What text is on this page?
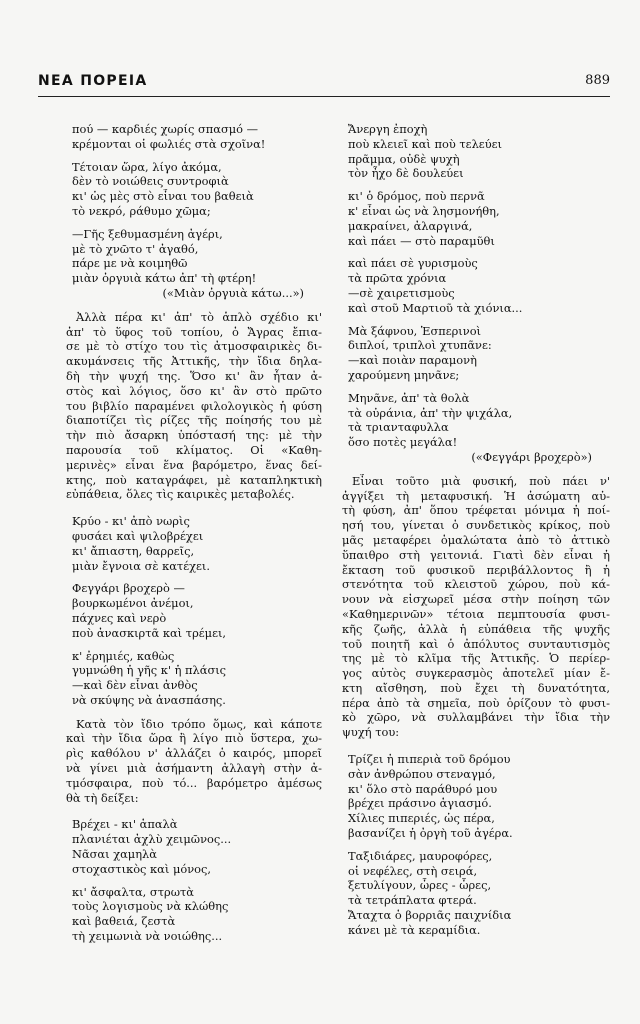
ΝΕΑ ΠΟΡΕΙΑ	889
πού — καρδιές χωρίς σπασμό —
κρέμονται οἱ φωλιές στὰ σχοῖνα!
Τέτοιαν ὥρα, λίγο ἀκόμα,
δὲν τὸ νοιώθεις συντροφιὰ
κι' ὡς μὲς στὸ εἶναι του βαθειὰ
τὸ νεκρό, ράθυμο χῶμα;
—Γῆς ξεθυμασμένη ἀγέρι,
μὲ τὸ χνῶτο τ' ἀγαθό,
πάρε με νὰ κοιμηθῶ
μιὰν ὀργυιὰ κάτω ἀπ' τὴ φτέρη!
(«Μιὰν ὀργυιὰ κάτω...»)
Ἀλλὰ πέρα κι' ἀπ' τὸ ἁπλὸ σχέδιο κι'
ἀπ' τὸ ὕφος τοῦ τοπίου, ὁ Ἄγρας ἔπια-
σε μὲ τὸ στίχο του τὶς ἀτμοσφαιρικὲς δι-
ακυμάνσεις τῆς Ἀττικῆς, τὴν ἴδια δηλα-
δὴ τὴν ψυχή της. Ὅσο κι' ἂν ἦταν ἀ-
στὸς καὶ λόγιος, ὅσο κι' ἂν στὸ πρῶτο
του βιβλίο παραμένει φιλολογικὸς ἡ φύση
διαποτίζει τὶς ρίζες τῆς ποίησής του μὲ
τὴν πιὸ ἄσαρκη ὑπόστασή της: μὲ τὴν
παρουσία τοῦ κλίματος. Οἱ «Καθη-
μερινὲς» εἶναι ἕνα βαρόμετρο, ἕνας δεί-
κτης, ποὺ καταγράφει, μὲ καταπληκτικὴ
εὐπάθεια, ὅλες τὶς καιρικὲς μεταβολές.
Κρύο - κι' ἀπὸ νωρὶς
φυσάει καὶ ψιλοβρέχει
κι' ἄπιαστη, θαρρεῖς,
μιὰν ἔγνοια σὲ κατέχει.
Φεγγάρι βροχερὸ —
βουρκωμένοι ἀνέμοι,
πάχνες καὶ νερὸ
ποὺ ἀνασκιρτᾶ καὶ τρέμει,
κ' ἐρημιές, καθὼς
γυμνώθη ἡ γῆς κ' ἡ πλάσις
—καὶ δὲν εἶναι ἀνθὸς
νὰ σκύψης νὰ ἀνασπάσης.
Κατὰ τὸν ἴδιο τρόπο ὅμως, καὶ κάποτε
καὶ τὴν ἴδια ὥρα ἢ λίγο πιὸ ὕστερα, χω-
ρὶς καθόλου ν' ἀλλάζει ὁ καιρός, μπορεῖ
νὰ γίνει μιὰ ἀσήμαντη ἀλλαγὴ στὴν ἀ-
τμόσφαιρα, ποὺ τό... βαρόμετρο ἀμέσως
θὰ τὴ δείξει:
Βρέχει - κι' ἁπαλὰ
πλανιέται ἀχλὺ χειμῶνος...
Νᾶσαι χαμηλὰ
στοχαστικὸς καὶ μόνος,
κι' ἄσφαλτα, στρωτὰ
τοὺς λογισμοὺς νὰ κλώθης
καὶ βαθειά, ζεστὰ
τὴ χειμωνιὰ νὰ νοιώθης...
Ἄνεργη ἐποχὴ
ποὺ κλειεῖ καὶ ποὺ τελεύει
πρᾶμμα, οὐδὲ ψυχὴ
τὸν ἦχο δὲ δουλεύει
κι' ὁ δρόμος, ποὺ περνᾶ
κ' εἶναι ὡς νὰ λησμονήθη,
μακραίνει, ἀλαργινά,
καὶ πάει — στὸ παραμῦθι
καὶ πάει σὲ γυρισμοὺς
τὰ πρῶτα χρόνια
—σὲ χαιρετισμοὺς
καὶ στοῦ Μαρτιοῦ τὰ χιόνια...
Μὰ ξάφνου, Ἑσπερινοὶ
διπλοί, τριπλοὶ χτυπᾶνε:
—καὶ ποιὰν παραμονὴ
χαρούμενη μηνᾶνε;
Μηνᾶνε, ἀπ' τὰ θολὰ
τὰ οὐράνια, ἀπ' τὴν ψιχάλα,
τὰ τριανταφυλλα
ὅσο ποτὲς μεγάλα!
(«Φεγγάρι βροχερὸ»)
Εἶναι τοῦτο μιὰ φυσική, ποὺ πάει ν'
ἀγγίξει τὴ μεταφυσική. Ἡ ἀσώματη αὐ-
τὴ φύση, ἀπ' ὅπου τρέφεται μόνιμα ἡ ποί-
ησή του, γίνεται ὁ συνδετικὸς κρίκος, ποὺ
μᾶς μεταφέρει ὁμαλώτατα ἀπὸ τὸ ἀττικὸ
ὕπαιθρο στὴ γειτονιά. Γιατὶ δὲν εἶναι ἡ
ἔκταση τοῦ φυσικοῦ περιβάλλοντος ἢ ἡ
στενότητα τοῦ κλειστοῦ χώρου, ποὺ κά-
νουν νὰ εἰσχωρεῖ μέσα στὴν ποίηση τῶν
«Καθημερινῶν» τέτοια πεμπτουσία φυσι-
κῆς ζωῆς, ἀλλὰ ἡ εὐπάθεια τῆς ψυχῆς
τοῦ ποιητῆ καὶ ὁ ἀπόλυτος συνταυτισμὸς
της μὲ τὸ κλῖμα τῆς Ἀττικῆς. Ὁ περίερ-
γος αὐτὸς συγκερασμὸς ἀποτελεῖ μίαν ἔ-
κτη αἴσθηση, ποὺ ἔχει τὴ δυνατότητα,
πέρα ἀπὸ τὰ σημεῖα, ποὺ ὁρίζουν τὸ φυσι-
κὸ χῶρο, νὰ συλλαμβάνει τὴν ἴδια τὴν
ψυχή του:
Τρίζει ἡ πιπεριὰ τοῦ δρόμου
σὰν ἀνθρώπου στεναγμό,
κι' ὅλο στὸ παράθυρό μου
βρέχει πράσινο ἁγιασμό.
Χίλιες πιπεριές, ὡς πέρα,
βασανίζει ἡ ὀργὴ τοῦ ἀγέρα.
Ταξιδιάρες, μαυροφόρες,
οἱ νεφέλες, στὴ σειρά,
ξετυλίγουν, ὧρες - ὧρες,
τὰ τετράπλατα φτερά.
Ἄταχτα ὁ βορριᾶς παιχνίδια
κάνει μὲ τὰ κεραμίδια.
